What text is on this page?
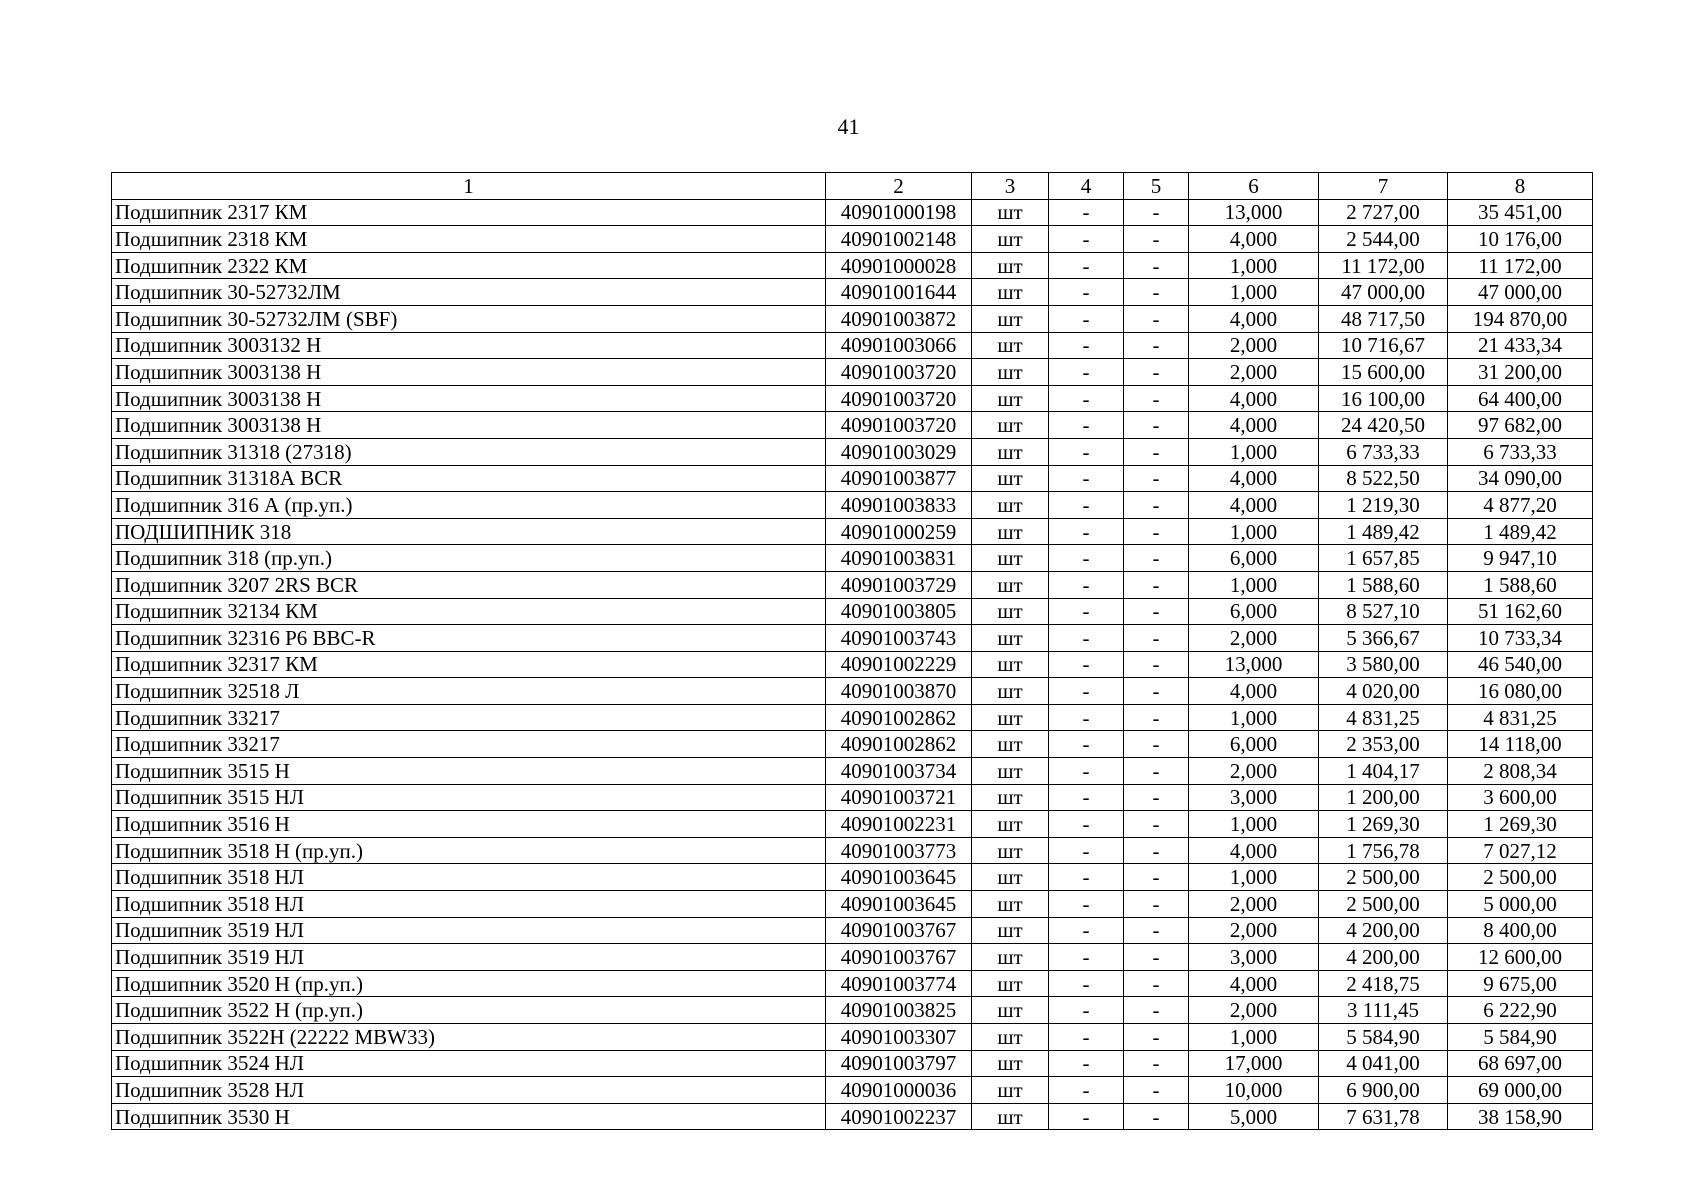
41
1	2	3	4	5	6	7	8
Подшипник 2317 КМ	40901000198	шт	-	-	13,000	2 727,00	35 451,00
Подшипник 2318 КМ	40901002148	шт	-	-	4,000	2 544,00	10 176,00
Подшипник 2322 КМ	40901000028	шт	-	-	1,000	11 172,00	11 172,00
Подшипник 30-52732ЛМ	40901001644	шт	-	-	1,000	47 000,00	47 000,00
Подшипник 30-52732ЛМ (SBF)	40901003872	шт	-	-	4,000	48 717,50	194 870,00
Подшипник 3003132 Н	40901003066	шт	-	-	2,000	10 716,67	21 433,34
Подшипник 3003138 Н	40901003720	шт	-	-	2,000	15 600,00	31 200,00
Подшипник 3003138 Н	40901003720	шт	-	-	4,000	16 100,00	64 400,00
Подшипник 3003138 Н	40901003720	шт	-	-	4,000	24 420,50	97 682,00
Подшипник 31318 (27318)	40901003029	шт	-	-	1,000	6 733,33	6 733,33
Подшипник 31318А BCR	40901003877	шт	-	-	4,000	8 522,50	34 090,00
Подшипник 316 А (пр.уп.)	40901003833	шт	-	-	4,000	1 219,30	4 877,20
ПОДШИПНИК 318	40901000259	шт	-	-	1,000	1 489,42	1 489,42
Подшипник 318 (пр.уп.)	40901003831	шт	-	-	6,000	1 657,85	9 947,10
Подшипник 3207 2RS BCR	40901003729	шт	-	-	1,000	1 588,60	1 588,60
Подшипник 32134 КМ	40901003805	шт	-	-	6,000	8 527,10	51 162,60
Подшипник 32316 P6 BBC-R	40901003743	шт	-	-	2,000	5 366,67	10 733,34
Подшипник 32317 КМ	40901002229	шт	-	-	13,000	3 580,00	46 540,00
Подшипник 32518 Л	40901003870	шт	-	-	4,000	4 020,00	16 080,00
Подшипник 33217	40901002862	шт	-	-	1,000	4 831,25	4 831,25
Подшипник 33217	40901002862	шт	-	-	6,000	2 353,00	14 118,00
Подшипник 3515 Н	40901003734	шт	-	-	2,000	1 404,17	2 808,34
Подшипник 3515 НЛ	40901003721	шт	-	-	3,000	1 200,00	3 600,00
Подшипник 3516 Н	40901002231	шт	-	-	1,000	1 269,30	1 269,30
Подшипник 3518 Н (пр.уп.)	40901003773	шт	-	-	4,000	1 756,78	7 027,12
Подшипник 3518 НЛ	40901003645	шт	-	-	1,000	2 500,00	2 500,00
Подшипник 3518 НЛ	40901003645	шт	-	-	2,000	2 500,00	5 000,00
Подшипник 3519 НЛ	40901003767	шт	-	-	2,000	4 200,00	8 400,00
Подшипник 3519 НЛ	40901003767	шт	-	-	3,000	4 200,00	12 600,00
Подшипник 3520 Н (пр.уп.)	40901003774	шт	-	-	4,000	2 418,75	9 675,00
Подшипник 3522 Н (пр.уп.)	40901003825	шт	-	-	2,000	3 111,45	6 222,90
Подшипник 3522Н (22222 MBW33)	40901003307	шт	-	-	1,000	5 584,90	5 584,90
Подшипник 3524 НЛ	40901003797	шт	-	-	17,000	4 041,00	68 697,00
Подшипник 3528 НЛ	40901000036	шт	-	-	10,000	6 900,00	69 000,00
Подшипник 3530 Н	40901002237	шт	-	-	5,000	7 631,78	38 158,90
